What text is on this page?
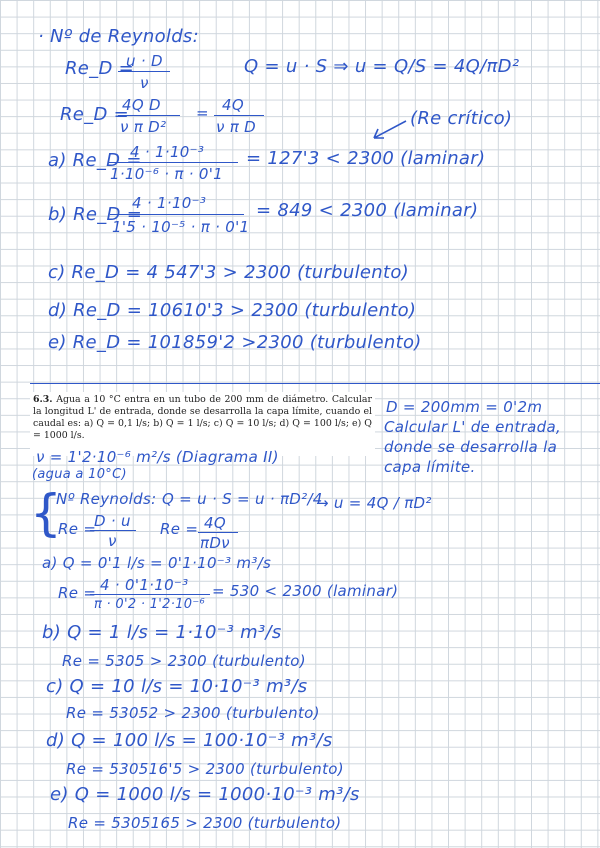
· Nº de Reynolds:
Re_D =
u · D
ν
Q = u · S ⇒ u = Q/S = 4Q/πD²
Re_D =
4Q D
ν π D²
= 4Q
ν π D	(Re crítico)
a) Re_D =
4 · 1·10⁻³
1·10⁻⁶ · π · 0'1
= 127'3 < 2300 (laminar)
b) Re_D =
4 · 1·10⁻³
1'5 · 10⁻⁵ · π · 0'1
= 849 < 2300 (laminar)
c) Re_D = 4 547'3 > 2300 (turbulento)
d) Re_D = 10610'3 > 2300 (turbulento)
e) Re_D = 101859'2 >2300 (turbulento)
6.3. Agua a 10 °C entra en un tubo de 200 mm de diámetro. Calcular la longitud L' de entrada, donde se desarrolla la capa límite, cuando el caudal es: a) Q = 0,1 l/s; b) Q = 1 l/s; c) Q = 10 l/s; d) Q = 100 l/s; e) Q = 1000 l/s.
D = 200mm = 0'2m
Calcular L' de entrada,
donde se desarrolla la
capa límite.
ν = 1'2·10⁻⁶ m²/s (Diagrama II)
(agua a 10°C)
{
Nº Reynolds: Q = u · S = u · πD²/4
→ u = 4Q / πD²
Re =
D · u
ν
Re = 4Q
πDν
a) Q = 0'1 l/s = 0'1·10⁻³ m³/s
Re = 4 · 0'1·10⁻³
π · 0'2 · 1'2·10⁻⁶
= 530 < 2300 (laminar)
b) Q = 1 l/s = 1·10⁻³ m³/s
Re = 5305 > 2300 (turbulento)
c) Q = 10 l/s = 10·10⁻³ m³/s
Re = 53052 > 2300 (turbulento)
d) Q = 100 l/s = 100·10⁻³ m³/s
Re = 530516'5 > 2300 (turbulento)
e) Q = 1000 l/s = 1000·10⁻³ m³/s
Re = 5305165 > 2300 (turbulento)
